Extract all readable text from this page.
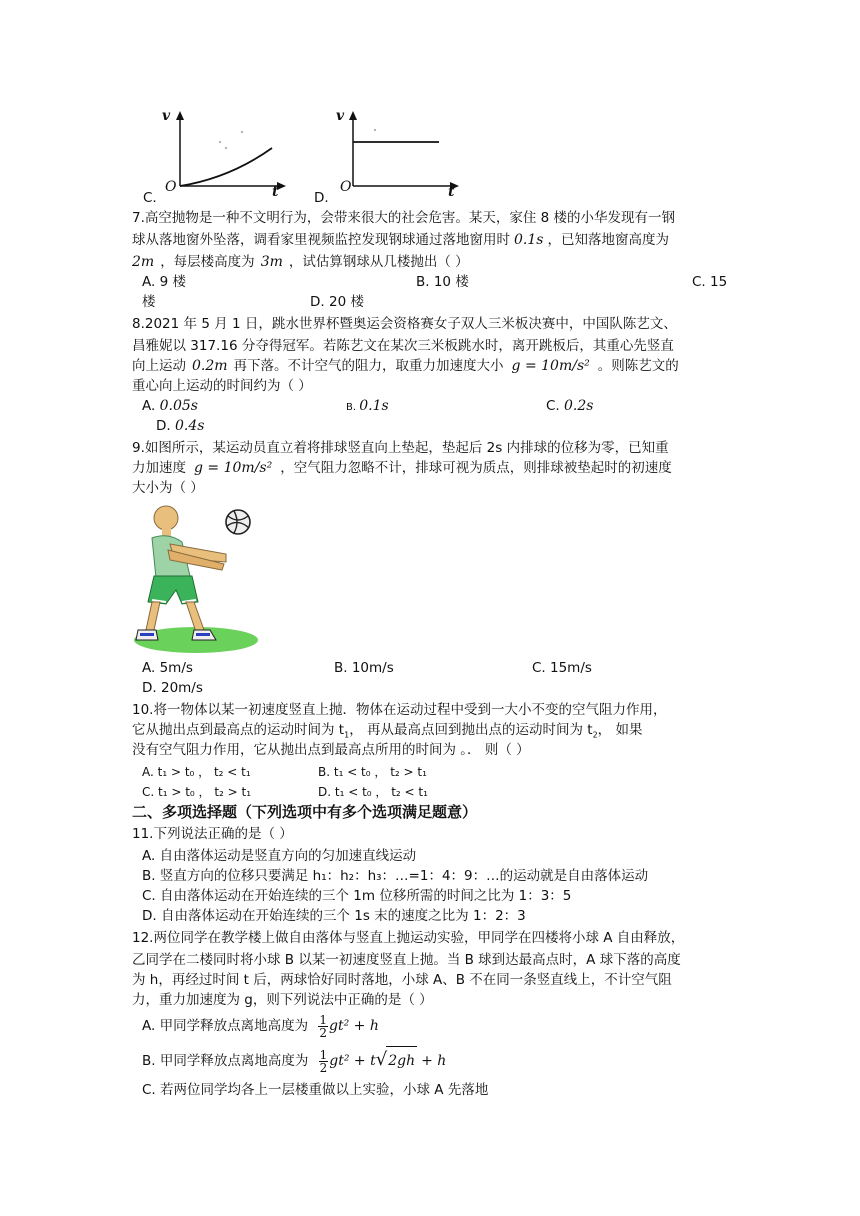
C.
v
t
O
D.
v
t
O
7.高空抛物是一种不文明行为，会带来很大的社会危害。某天，家住 8 楼的小华发现有一钢
球从落地窗外坠落，调看家里视频监控发现钢球通过落地窗用时 0.1s ，已知落地窗高度为
2m ，每层楼高度为 3m ，试估算钢球从几楼抛出（ ）
A. 9 楼	B. 10 楼	C. 15
楼	D. 20 楼
8.2021 年 5 月 1 日，跳水世界杯暨奥运会资格赛女子双人三米板决赛中，中国队陈艺文、
昌雅妮以 317.16 分夺得冠军。若陈艺文在某次三米板跳水时，离开跳板后，其重心先竖直
向上运动 0.2m 再下落。不计空气的阻力，取重力加速度大小 g = 10m/s² 。则陈艺文的
重心向上运动的时间约为（ ）
A. 0.05s	B. 0.1s	C. 0.2s
D. 0.4s
9.如图所示，某运动员直立着将排球竖直向上垫起，垫起后 2s 内排球的位移为零，已知重
力加速度 g = 10m/s² ，空气阻力忽略不计，排球可视为质点，则排球被垫起时的初速度
大小为（ ）
A. 5m/s	B. 10m/s	C. 15m/s
D. 20m/s
10.将一物体以某一初速度竖直上抛．物体在运动过程中受到一大小不变的空气阻力作用，
它从抛出点到最高点的运动时间为 $t_1$， 再从最高点回到抛出点的运动时间为 $t_2$， 如果
没有空气阻力作用，它从抛出点到最高点所用的时间为 。． 则（ ）
A. t₁ > t₀ ， t₂ < t₁	B. t₁ < t₀ ， t₂ > t₁
C. t₁ > t₀ ， t₂ > t₁	D. t₁ < t₀ ， t₂ < t₁
二、多项选择题（下列选项中有多个选项满足题意）
11.下列说法正确的是（ ）
A. 自由落体运动是竖直方向的匀加速直线运动
B. 竖直方向的位移只要满足 h₁：h₂：h₃：…=1：4：9：…的运动就是自由落体运动
C. 自由落体运动在开始连续的三个 1m 位移所需的时间之比为 1：3：5
D. 自由落体运动在开始连续的三个 1s 末的速度之比为 1：2：3
12.两位同学在教学楼上做自由落体与竖直上抛运动实验，甲同学在四楼将小球 A 自由释放，
乙同学在二楼同时将小球 B 以某一初速度竖直上抛。当 B 球到达最高点时，A 球下落的高度
为 h，再经过时间 t 后，两球恰好同时落地，小球 A、B 不在同一条竖直线上，不计空气阻
力，重力加速度为 g，则下列说法中正确的是（ ）
A. 甲同学释放点离地高度为 $\frac{1}{2} gt^2 + h$
B. 甲同学释放点离地高度为 $\frac{1}{2} gt^2 + t√2gh + h$
C. 若两位同学均各上一层楼重做以上实验，小球 A 先落地
